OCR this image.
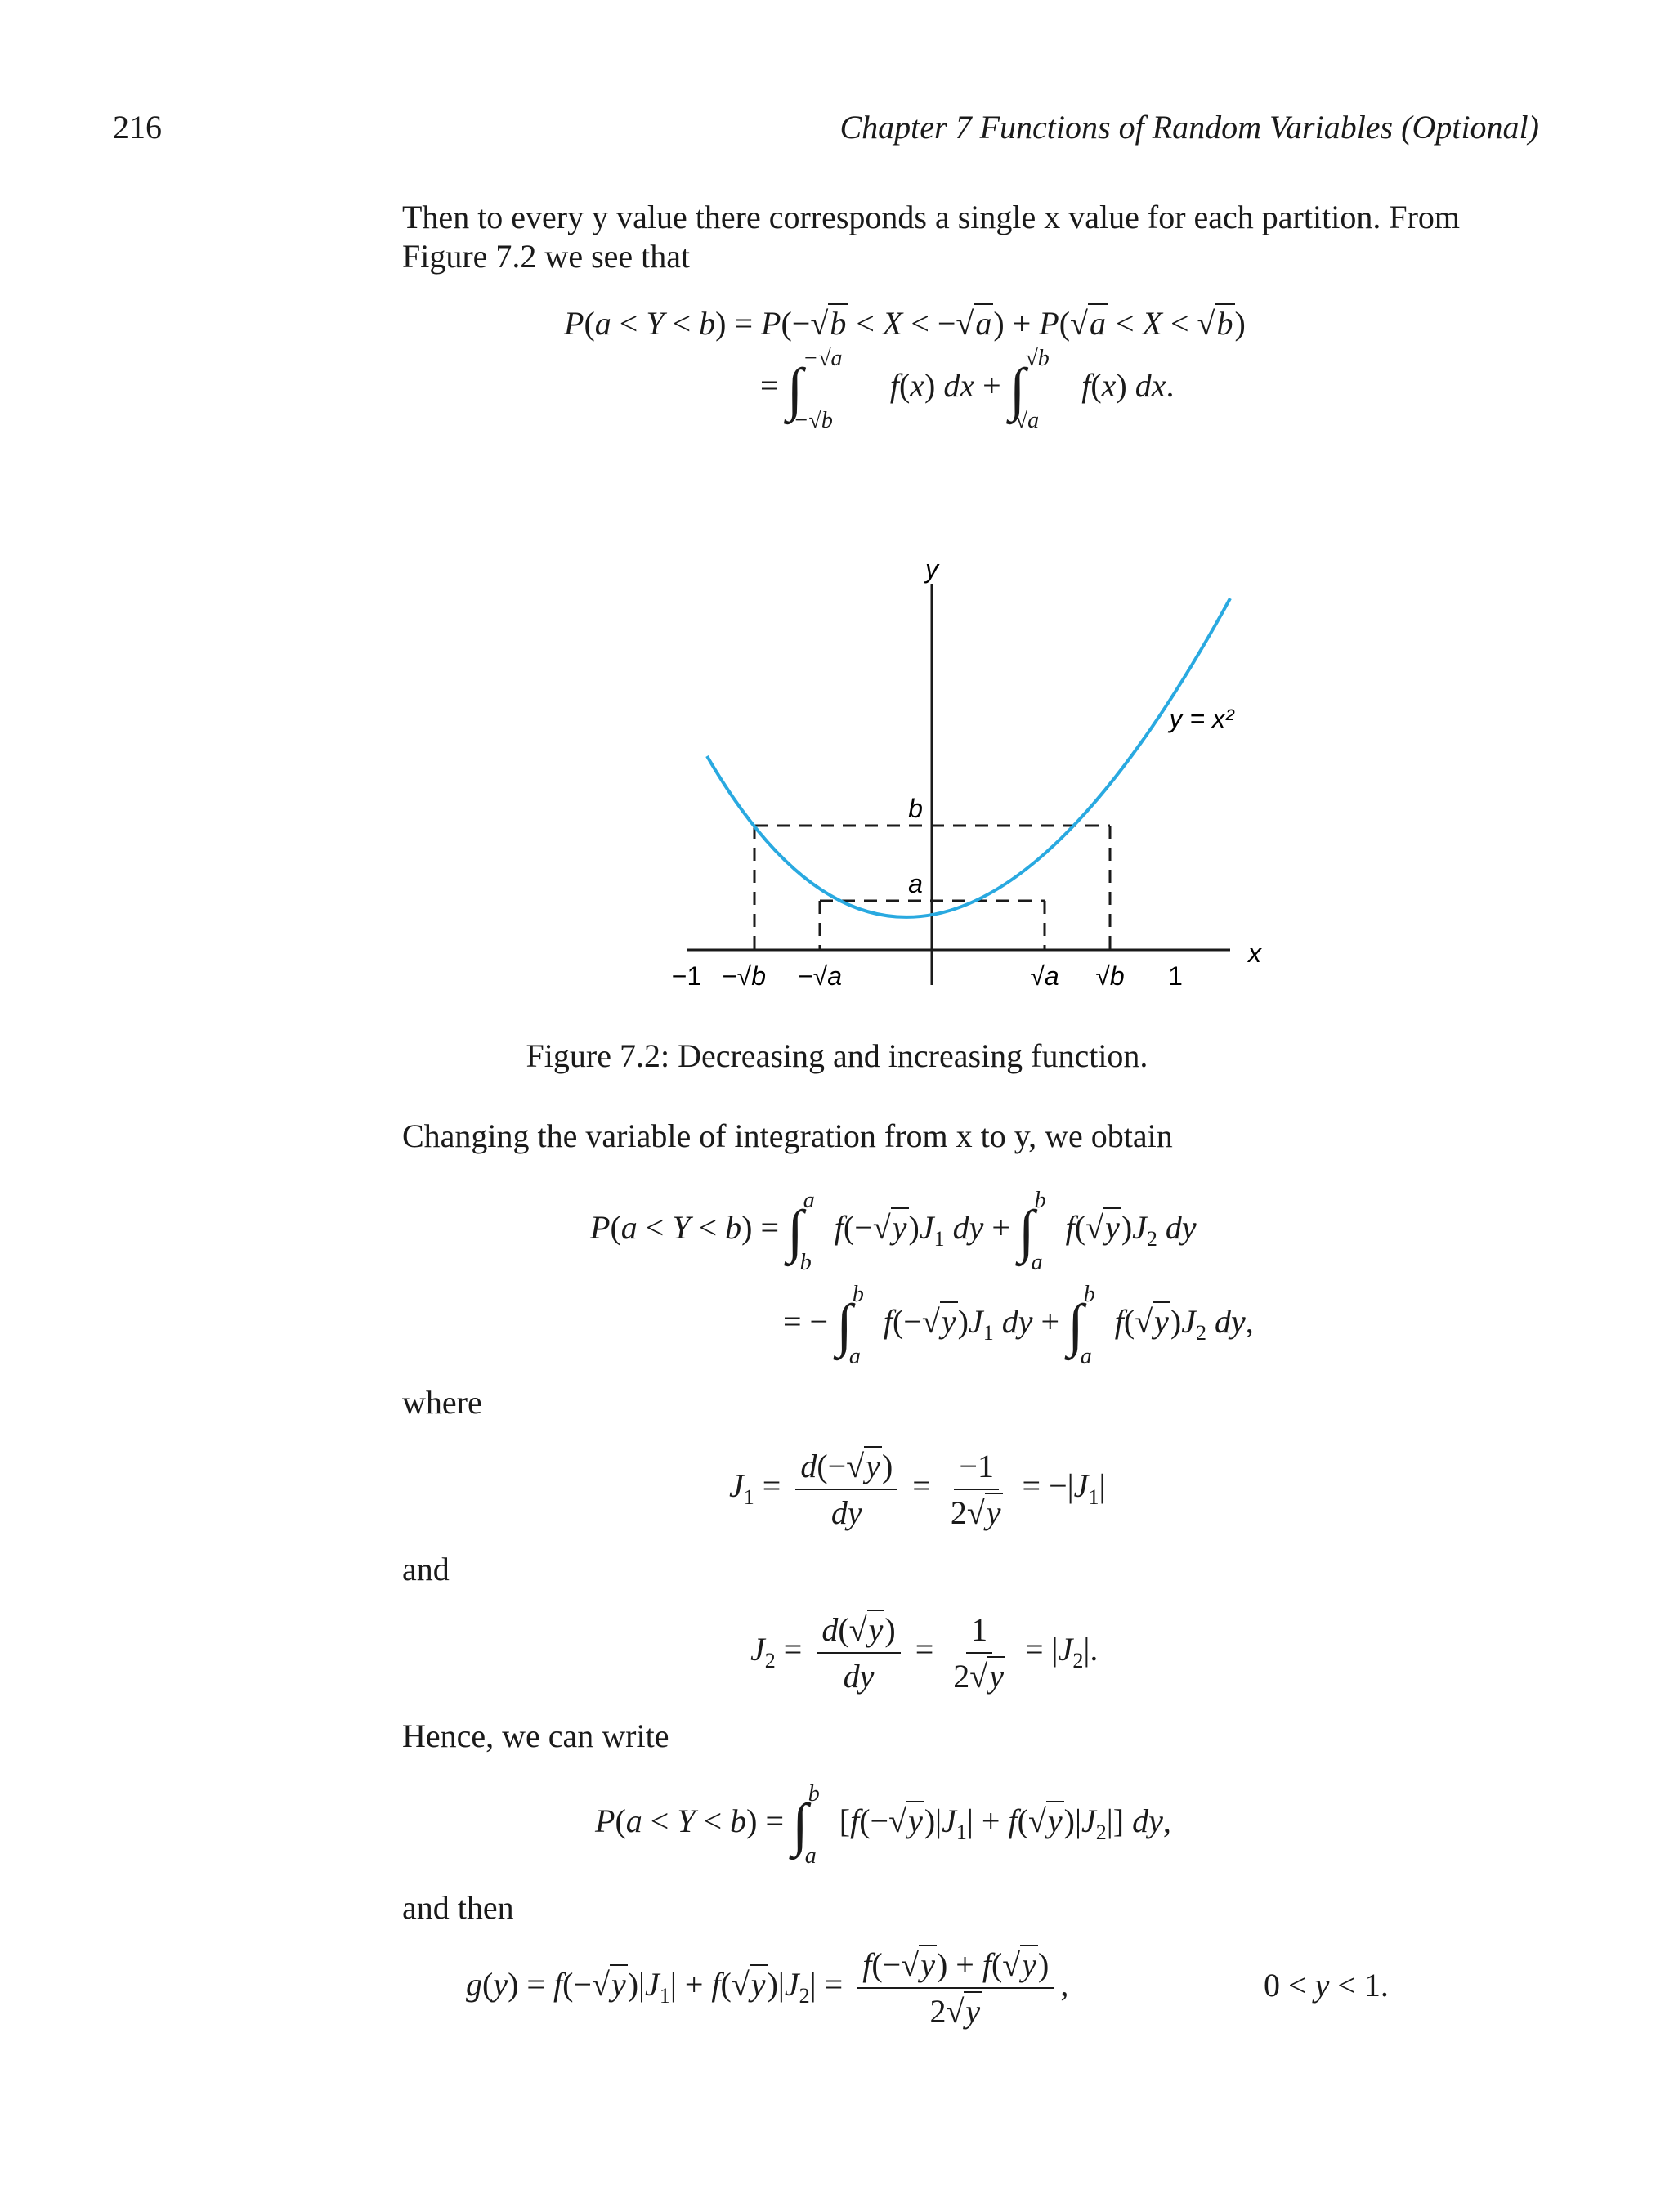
216	Chapter 7 Functions of Random Variables (Optional)
Then to every y value there corresponds a single x value for each partition. From Figure 7.2 we see that
P(a < Y < b) = P(−√b < X < −√a) + P(√a < X < √b)
= ∫$^{-√a}_{-√b}$ f(x) dx + ∫$^{√b}_{√a}$ f(x) dx.
y
x
y = x²
b
a
−1 −√b −√a	√a √b 1
Figure 7.2: Decreasing and increasing function.
Changing the variable of integration from x to y, we obtain
P(a < Y < b) = ∫$^a_b$ $f(-√y)J_1$ dy + ∫$^b_a$ $f(√y)J_2$ dy
= − ∫$^b_a$ $f(-√y)J_1$ dy + ∫$^b_a$ $f(√y)J_2$ dy,
where
$J_1 = \frac{d(-√y)}{dy} = \frac{-1}{2√y} = -|J_1|$
and
$J_2 = \frac{d(√y)}{dy} = \frac{1}{2√y} = |J_2|$.
Hence, we can write
P(a < Y < b) = ∫$^b_a$ $[f(-√y)|J_1| + f(√y)|J_2|]$ dy,
and then
$g(y) = f(-√y)|J_1| + f(√y)|J_2| = \frac{f(-√y) + f(√y)}{2√y}$ ,	0 < y < 1.
